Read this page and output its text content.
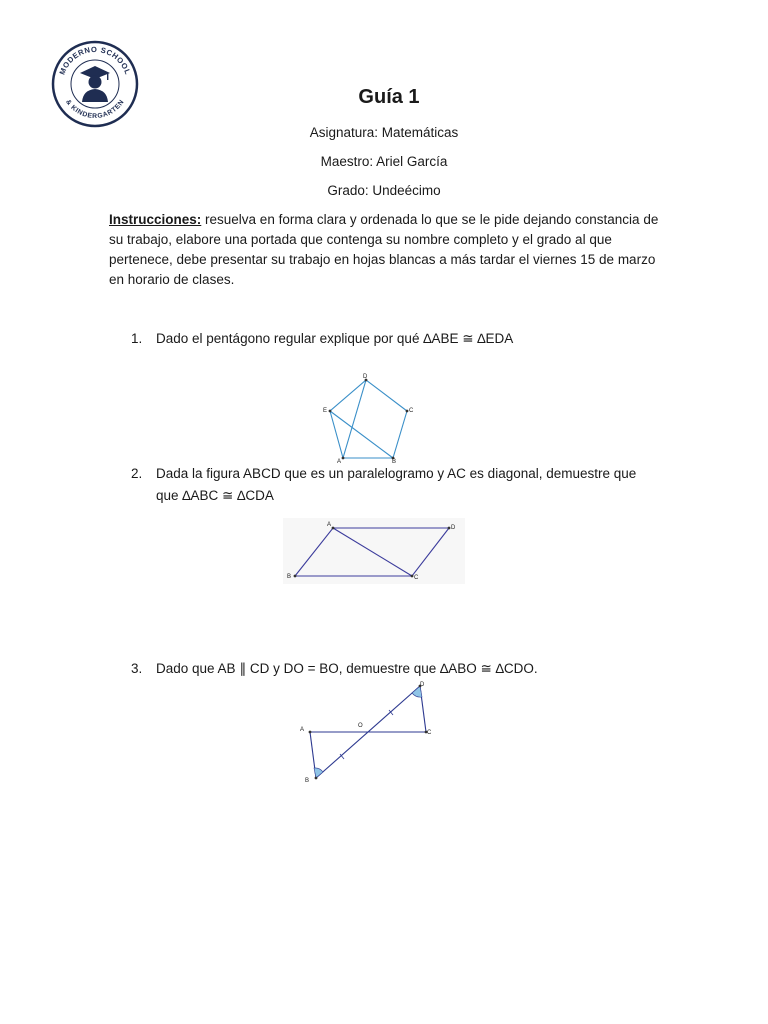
MODERNO SCHOOL
& KINDERGARTEN	Guía 1
Asignatura: Matemáticas
Maestro: Ariel García
Grado: Undeécimo
Instrucciones: resuelva en forma clara y ordenada lo que se le pide dejando constancia de su trabajo, elabore una portada que contenga su nombre completo y el grado al que pertenece, debe presentar su trabajo en hojas blancas a más tardar el viernes 15 de marzo en horario de clases.
1. Dado el pentágono regular explique por qué ∆ABE ≅ ∆EDA
D
E	C
A	B
2. Dada la figura ABCD que es un paralelogramo y AC es diagonal, demuestre que
que ∆ABC ≅ ∆CDA
A	D
B	C
3. Dado que AB ∥ CD y DO = BO, demuestre que ∆ABO ≅ ∆CDO.
D
A
O
C
B
